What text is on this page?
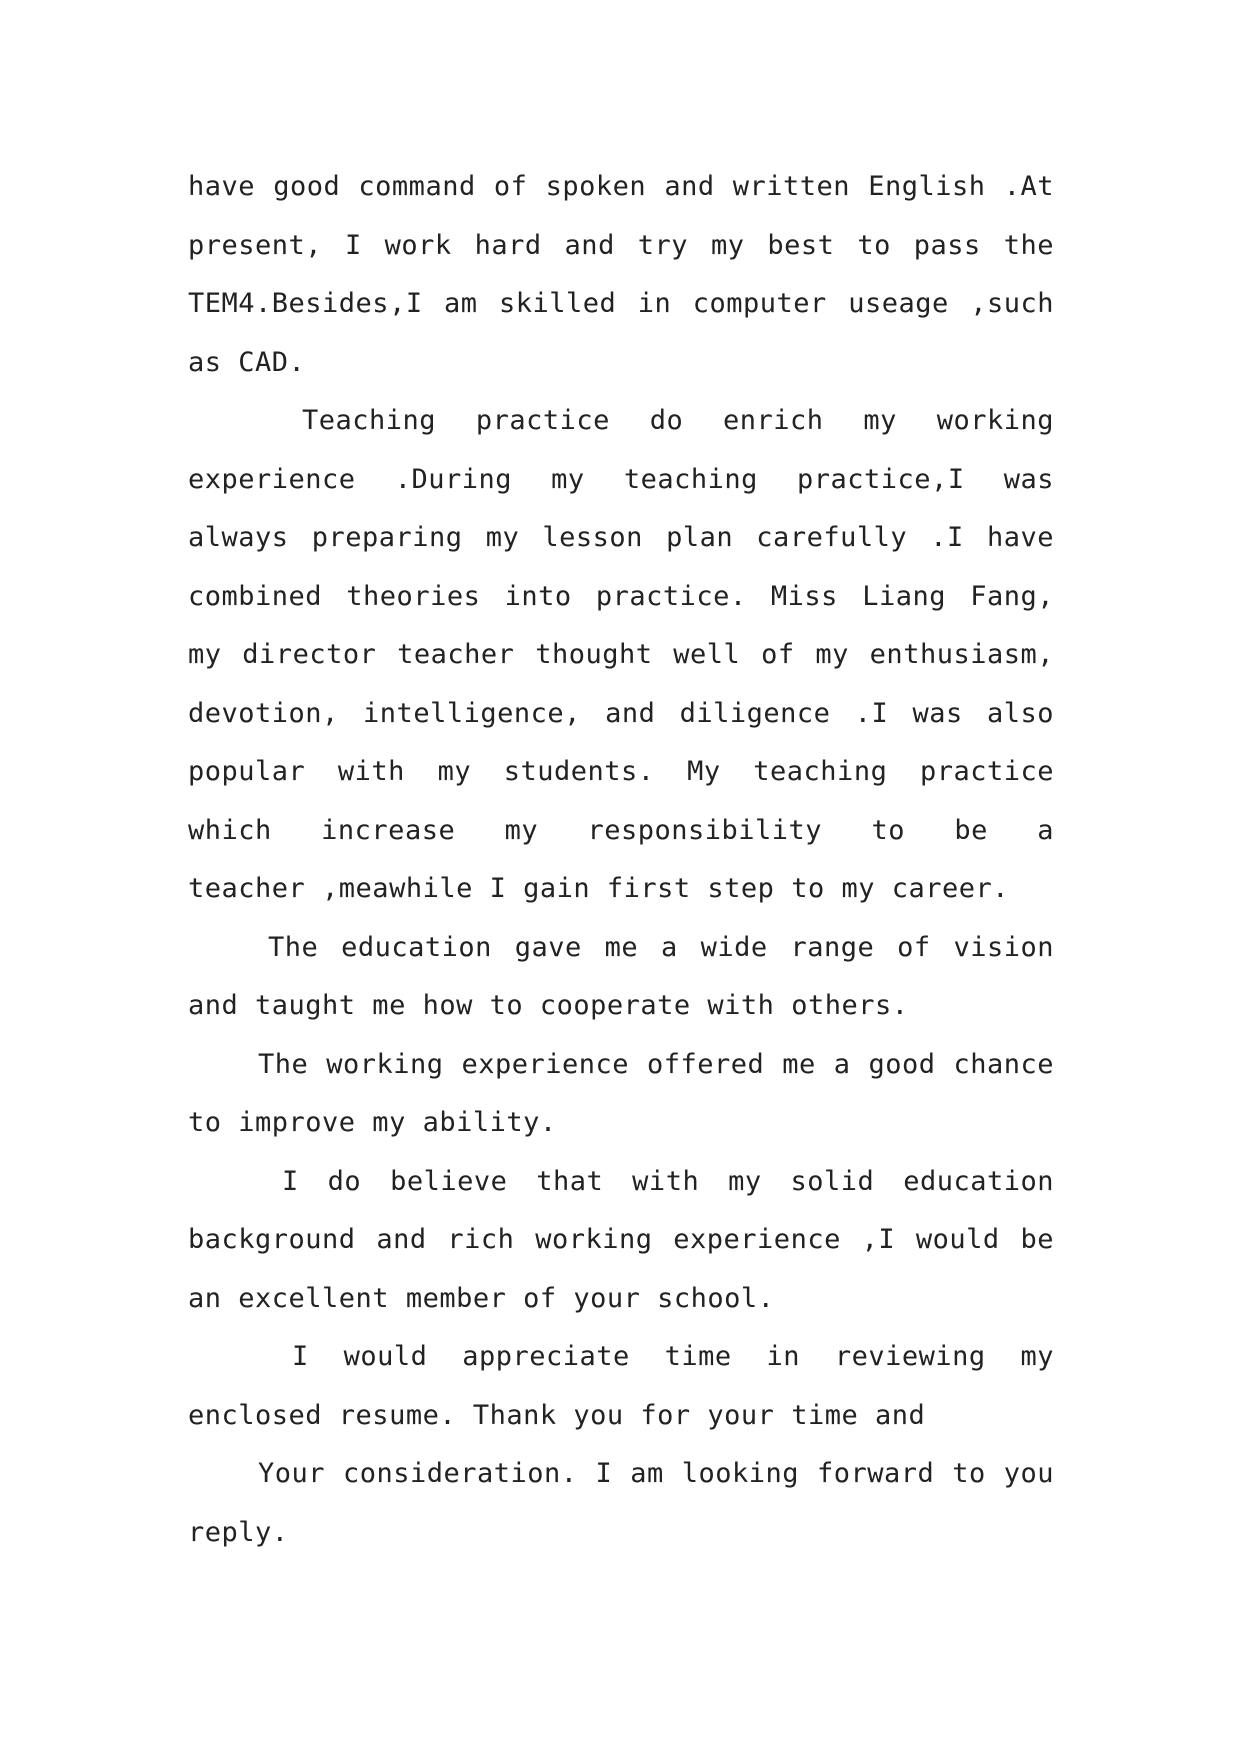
have good command of spoken and written English .At
present, I work hard and try my best to pass the
TEM4.Besides,I am skilled in computer useage ,such
as CAD.
Teaching practice do enrich my working
experience .During my teaching practice,I was
always preparing my lesson plan carefully .I have
combined theories into practice. Miss Liang Fang,
my director teacher thought well of my enthusiasm,
devotion, intelligence, and diligence .I was also
popular with my students. My teaching practice
which increase my responsibility to be a
teacher ,meawhile I gain first step to my career.
The education gave me a wide range of vision
and taught me how to cooperate with others.
The working experience offered me a good chance
to improve my ability.
I do believe that with my solid education
background and rich working experience ,I would be
an excellent member of your school.
I would appreciate time in reviewing my
enclosed resume. Thank you for your time and
Your consideration. I am looking forward to you
reply.
